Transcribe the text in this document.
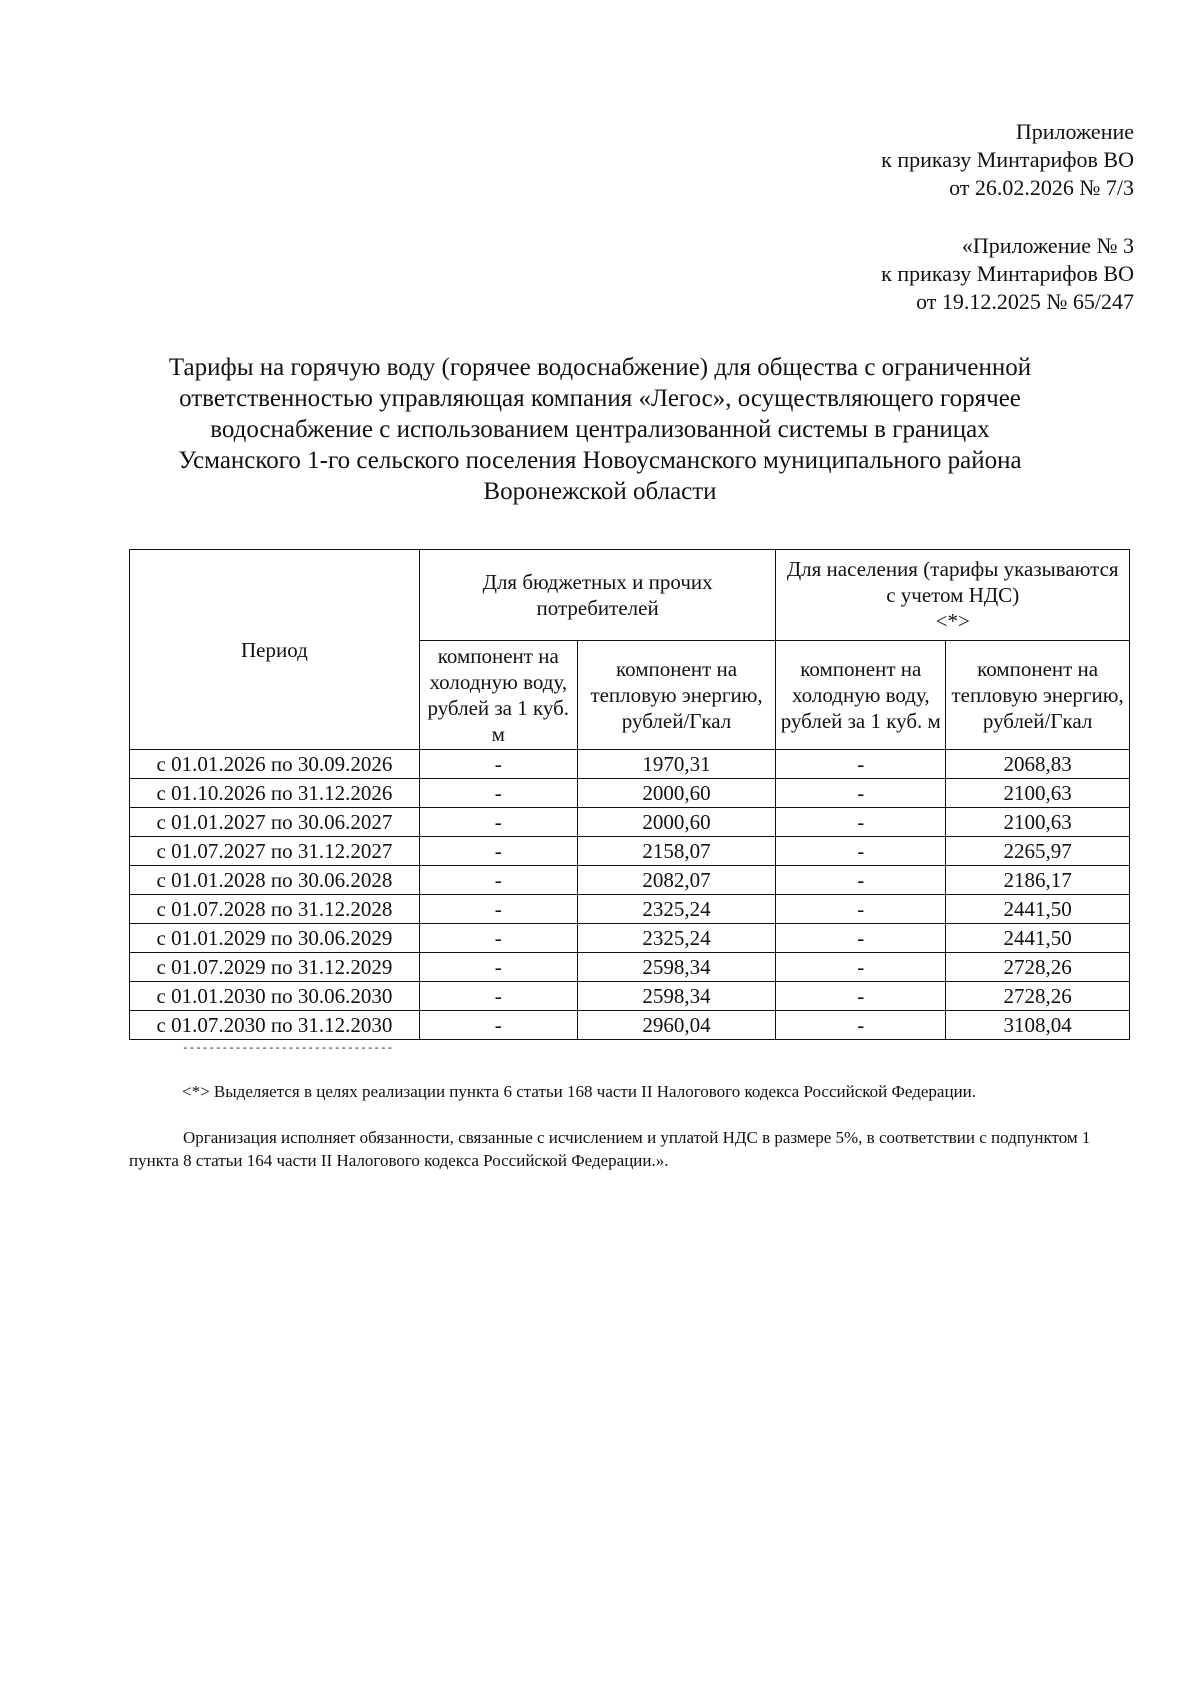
Приложение
к приказу Минтарифов ВО
от 26.02.2026 № 7/3
«Приложение № 3
к приказу Минтарифов ВО
от 19.12.2025 № 65/247
Тарифы на горячую воду (горячее водоснабжение) для общества с ограниченной
ответственностью управляющая компания «Легос», осуществляющего горячее
водоснабжение с использованием централизованной системы в границах
Усманского 1-го сельского поселения Новоусманского муниципального района
Воронежской области
Период	Для бюджетных и прочих потребителей		Для населения (тарифы указываются с учетом НДС)
<*>	

	компонент на холодную воду, рублей за 1 куб. м	компонент на тепловую энергию, рублей/Гкал	компонент на холодную воду, рублей за 1 куб. м	компонент на тепловую энергию, рублей/Гкал
с 01.01.2026 по 30.09.2026	-	1970,31	-	2068,83
с 01.10.2026 по 31.12.2026	-	2000,60	-	2100,63
с 01.01.2027 по 30.06.2027	-	2000,60	-	2100,63
с 01.07.2027 по 31.12.2027	-	2158,07	-	2265,97
с 01.01.2028 по 30.06.2028	-	2082,07	-	2186,17
с 01.07.2028 по 31.12.2028	-	2325,24	-	2441,50
с 01.01.2029 по 30.06.2029	-	2325,24	-	2441,50
с 01.07.2029 по 31.12.2029	-	2598,34	-	2728,26
с 01.01.2030 по 30.06.2030	-	2598,34	-	2728,26
с 01.07.2030 по 31.12.2030	-	2960,04	-	3108,04
--------------------------------
<*> Выделяется в целях реализации пункта 6 статьи 168 части II Налогового кодекса Российской Федерации.
Организация исполняет обязанности, связанные с исчислением и уплатой НДС в размере 5%, в соответствии с подпунктом 1 пункта 8 статьи 164 части II Налогового кодекса Российской Федерации.».
